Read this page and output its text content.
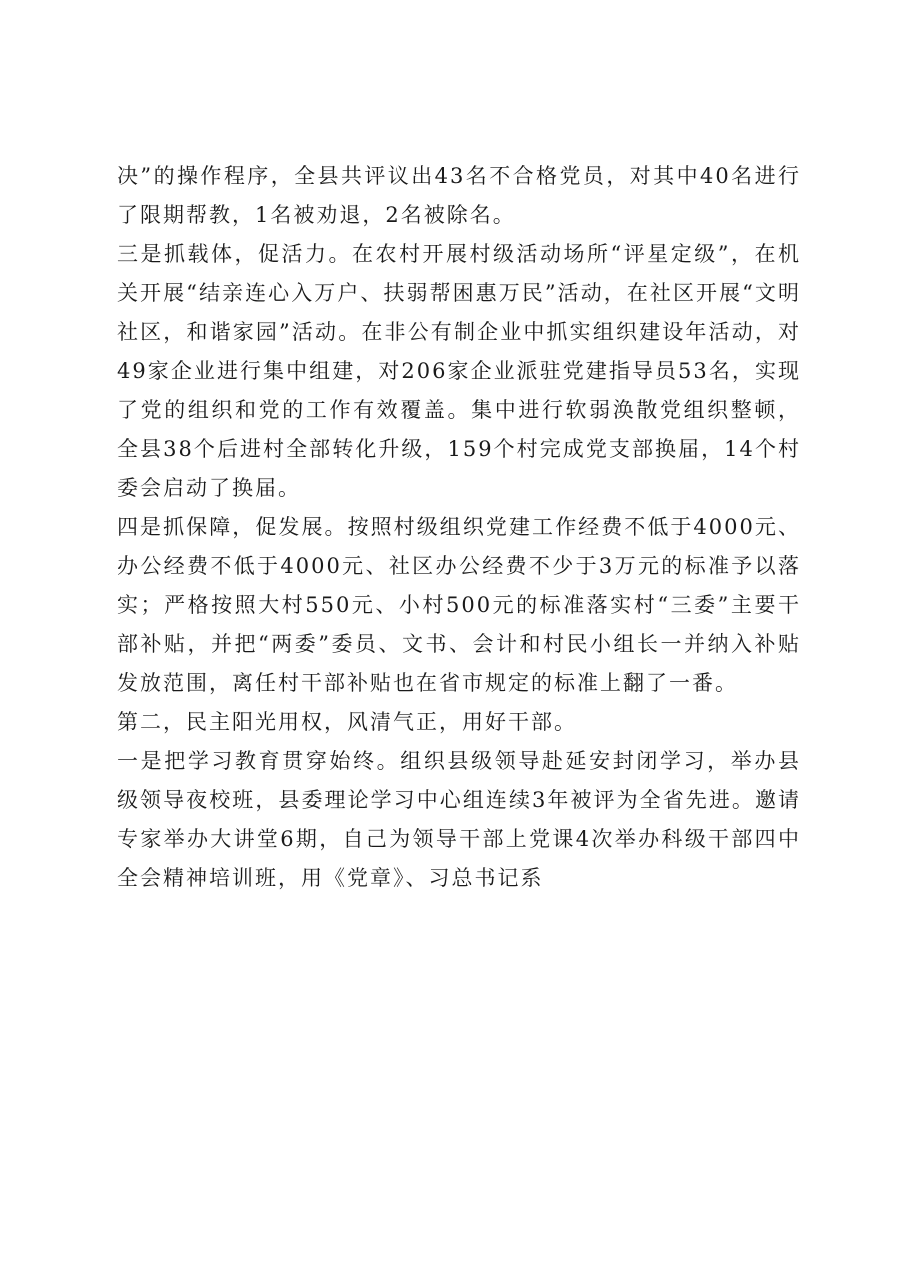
决”的操作程序，全县共评议出43名不合格党员，对其中40名进行了限期帮教，1名被劝退，2名被除名。

三是抓载体，促活力。在农村开展村级活动场所“评星定级”，在机关开展“结亲连心入万户、扶弱帮困惠万民”活动，在社区开展“文明社区，和谐家园”活动。在非公有制企业中抓实组织建设年活动，对49家企业进行集中组建，对206家企业派驻党建指导员53名，实现了党的组织和党的工作有效覆盖。集中进行软弱涣散党组织整顿，全县38个后进村全部转化升级，159个村完成党支部换届，14个村委会启动了换届。

四是抓保障，促发展。按照村级组织党建工作经费不低于4000元、办公经费不低于4000元、社区办公经费不少于3万元的标准予以落实；严格按照大村550元、小村500元的标准落实村“三委”主要干部补贴，并把“两委”委员、文书、会计和村民小组长一并纳入补贴发放范围，离任村干部补贴也在省市规定的标准上翻了一番。

第二，民主阳光用权，风清气正，用好干部。

一是把学习教育贯穿始终。组织县级领导赴延安封闭学习，举办县级领导夜校班，县委理论学习中心组连续3年被评为全省先进。邀请专家举办大讲堂6期，自己为领导干部上党课4次举办科级干部四中全会精神培训班，用《党章》、习总书记系
